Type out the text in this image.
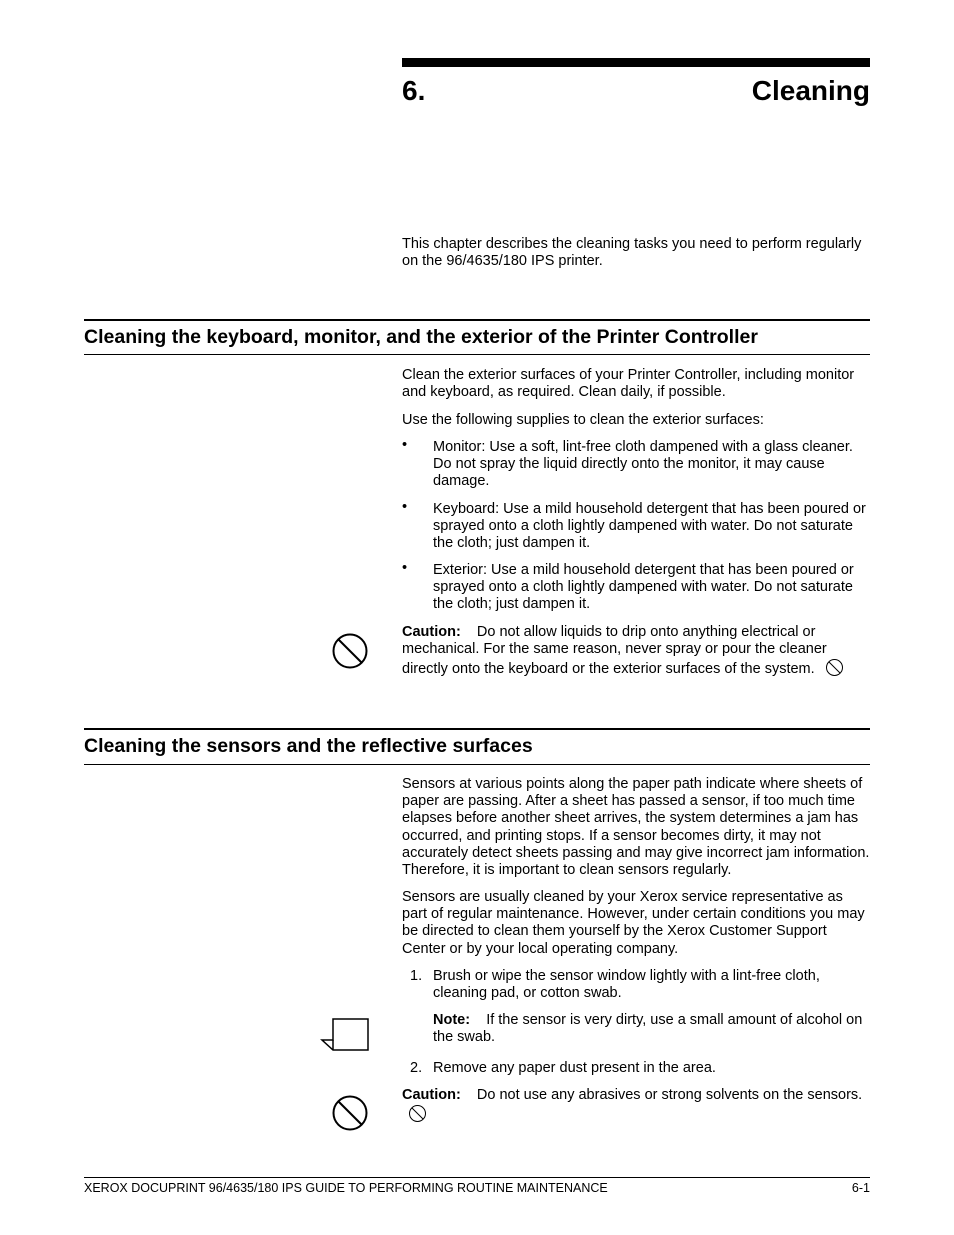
6.	Cleaning
This chapter describes the cleaning tasks you need to perform regularly on the 96/4635/180 IPS printer.
Cleaning the keyboard, monitor, and the exterior of the Printer Controller
Clean the exterior surfaces of your Printer Controller, including monitor and keyboard, as required. Clean daily, if possible.
Use the following supplies to clean the exterior surfaces:
• Monitor: Use a soft, lint-free cloth dampened with a glass cleaner. Do not spray the liquid directly onto the monitor, it may cause damage.
• Keyboard: Use a mild household detergent that has been poured or sprayed onto a cloth lightly dampened with water. Do not saturate the cloth; just dampen it.
• Exterior: Use a mild household detergent that has been poured or sprayed onto a cloth lightly dampened with water. Do not saturate the cloth; just dampen it.
Caution: Do not allow liquids to drip onto anything electrical or mechanical. For the same reason, never spray or pour the cleaner directly onto the keyboard or the exterior surfaces of the system.
Cleaning the sensors and the reflective surfaces
Sensors at various points along the paper path indicate where sheets of paper are passing. After a sheet has passed a sensor, if too much time elapses before another sheet arrives, the system determines a jam has occurred, and printing stops. If a sensor becomes dirty, it may not accurately detect sheets passing and may give incorrect jam information. Therefore, it is important to clean sensors regularly.
Sensors are usually cleaned by your Xerox service representative as part of regular maintenance. However, under certain conditions you may be directed to clean them yourself by the Xerox Customer Support Center or by your local operating company.
1. Brush or wipe the sensor window lightly with a lint-free cloth, cleaning pad, or cotton swab.
Note: If the sensor is very dirty, use a small amount of alcohol on the swab.
2. Remove any paper dust present in the area.
Caution: Do not use any abrasives or strong solvents on the sensors.
XEROX DOCUPRINT 96/4635/180 IPS GUIDE TO PERFORMING ROUTINE MAINTENANCE	6-1
